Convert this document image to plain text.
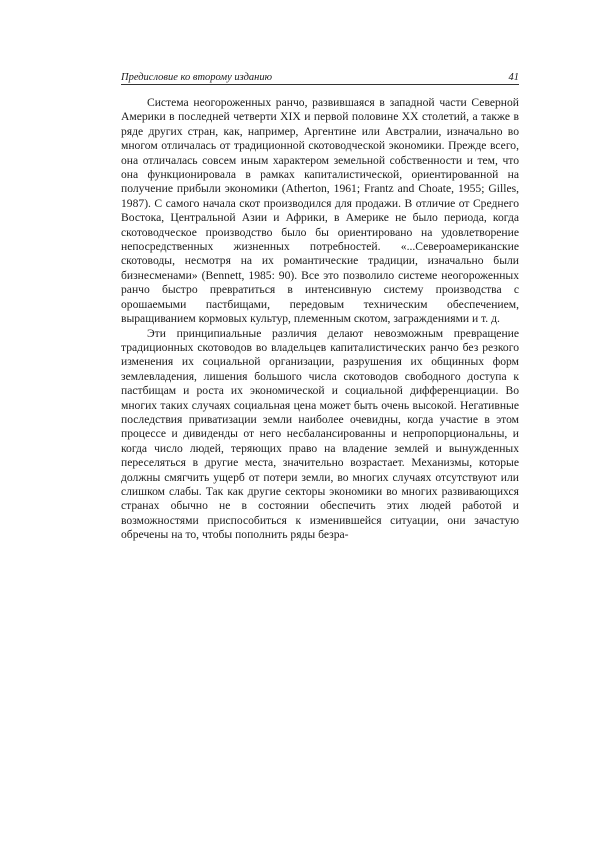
Предисловие ко второму изданию	41

Система неогороженных ранчо, развившаяся в западной части Северной Америки в последней четверти XIX и первой половине XX столетий, а также в ряде других стран, как, например, Аргентине или Австралии, изначально во многом отличалась от традиционной скотоводческой экономики. Прежде всего, она отличалась совсем иным характером земельной собственности и тем, что она функционировала в рамках капиталистической, ориентированной на получение прибыли экономики (Atherton, 1961; Frantz and Choate, 1955; Gilles, 1987). С самого начала скот производился для продажи. В отличие от Среднего Востока, Центральной Азии и Африки, в Америке не было периода, когда скотоводческое производство было бы ориентировано на удовлетворение непосредственных жизненных потребностей. «...Североамериканские скотоводы, несмотря на их романтические традиции, изначально были бизнесменами» (Bennett, 1985: 90). Все это позволило системе неогороженных ранчо быстро превратиться в интенсивную систему производства с орошаемыми пастбищами, передовым техническим обеспечением, выращиванием кормовых культур, племенным скотом, заграждениями и т. д.

Эти принципиальные различия делают невозможным превращение традиционных скотоводов во владельцев капиталистических ранчо без резкого изменения их социальной организации, разрушения их общинных форм землевладения, лишения большого числа скотоводов свободного доступа к пастбищам и роста их экономической и социальной дифференциации. Во многих таких случаях социальная цена может быть очень высокой. Негативные последствия приватизации земли наиболее очевидны, когда участие в этом процессе и дивиденды от него несбалансированны и непропорциональны, и когда число людей, теряющих право на владение землей и вынужденных переселяться в другие места, значительно возрастает. Механизмы, которые должны смягчить ущерб от потери земли, во многих случаях отсутствуют или слишком слабы. Так как другие секторы экономики во многих развивающихся странах обычно не в состоянии обеспечить этих людей работой и возможностями приспособиться к изменившейся ситуации, они зачастую обречены на то, чтобы пополнить ряды безра-
